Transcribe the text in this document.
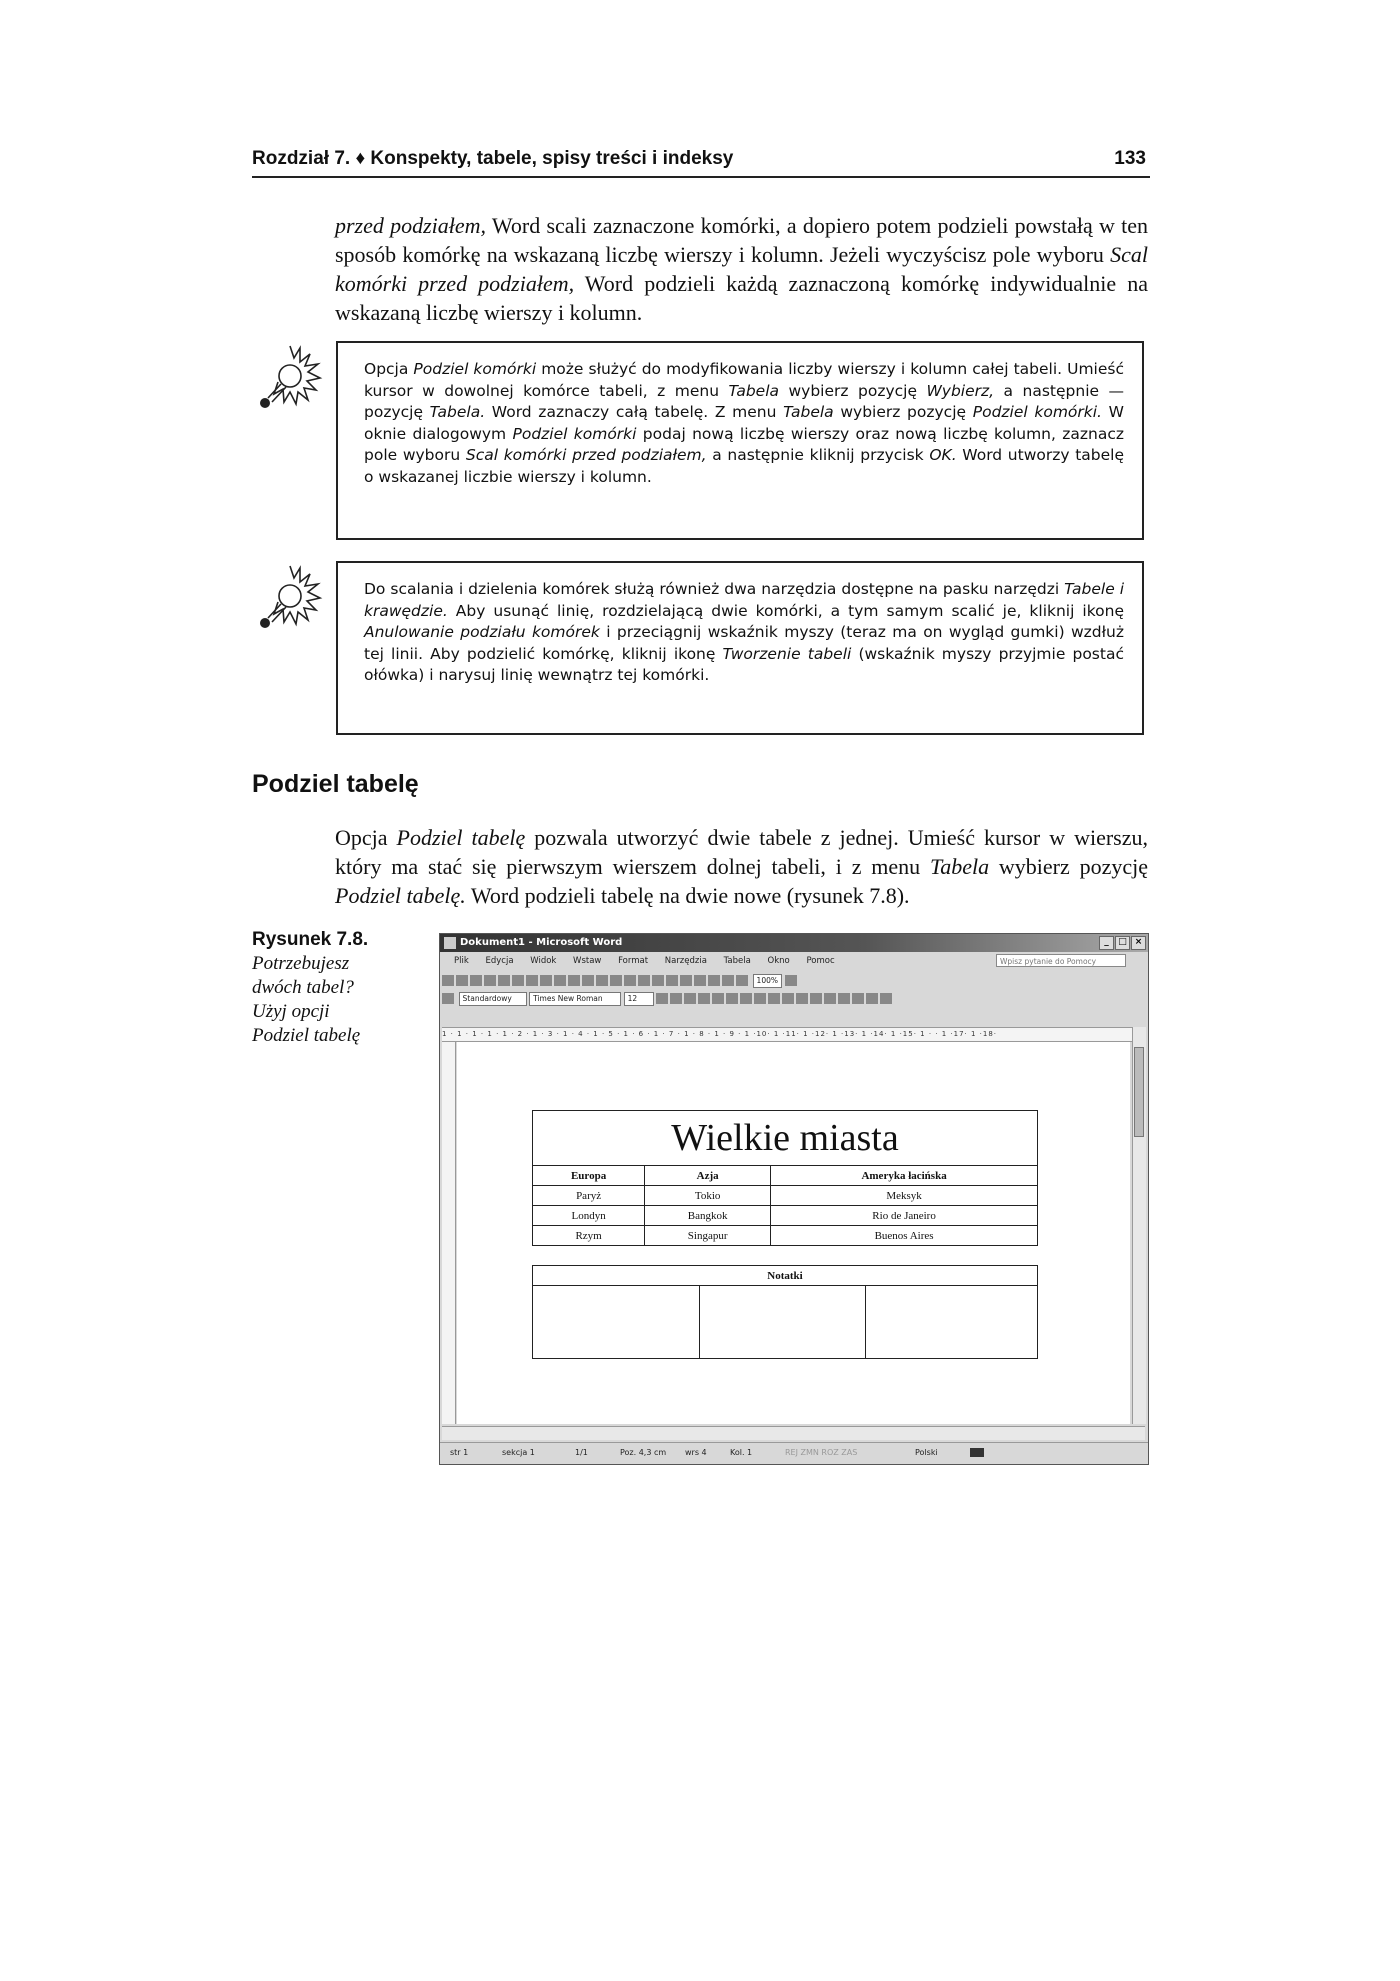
Rozdział 7. ♦ Konspekty, tabele, spisy treści i indeksy	133

przed podziałem, Word scali zaznaczone komórki, a dopiero potem podzieli powstałą w ten sposób komórkę na wskazaną liczbę wierszy i kolumn. Jeżeli wyczyścisz pole wyboru Scal komórki przed podziałem, Word podzieli każdą zaznaczoną komórkę indywidualnie na wskazaną liczbę wierszy i kolumn.

Opcja Podziel komórki może służyć do modyfikowania liczby wierszy i kolumn całej tabeli. Umieść kursor w dowolnej komórce tabeli, z menu Tabela wybierz pozycję Wybierz, a następnie — pozycję Tabela. Word zaznaczy całą tabelę. Z menu Tabela wybierz pozycję Podziel komórki. W oknie dialogowym Podziel komórki podaj nową liczbę wierszy oraz nową liczbę kolumn, zaznacz pole wyboru Scal komórki przed podziałem, a następnie kliknij przycisk OK. Word utworzy tabelę o wskazanej liczbie wierszy i kolumn.

Do scalania i dzielenia komórek służą również dwa narzędzia dostępne na pasku narzędzi Tabele i krawędzie. Aby usunąć linię, rozdzielającą dwie komórki, a tym samym scalić je, kliknij ikonę Anulowanie podziału komórek i przeciągnij wskaźnik myszy (teraz ma on wygląd gumki) wzdłuż tej linii. Aby podzielić komórkę, kliknij ikonę Tworzenie tabeli (wskaźnik myszy przyjmie postać ołówka) i narysuj linię wewnątrz tej komórki.

Podziel tabelę

Opcja Podziel tabelę pozwala utworzyć dwie tabele z jednej. Umieść kursor w wierszu, który ma stać się pierwszym wierszem dolnej tabeli, i z menu Tabela wybierz pozycję Podziel tabelę. Word podzieli tabelę na dwie nowe (rysunek 7.8).

Rysunek 7.8.
Potrzebujesz dwóch tabel? Użyj opcji Podziel tabelę
Dokument1 - Microsoft Word	_	□ ×
Plik Edycja Widok Wstaw Format Narzędzia Tabela Okno Pomoc	Wpisz pytanie do Pomocy
100%
Standardowy	Times New Roman	12
1 · 1 · 1 · 1 · 1 · 2 · 1 · 3 · 1 · 4 · 1 · 5 · 1 · 6 · 1 · 7 · 1 · 8 · 1 · 9 · 1 ·10· 1 ·11· 1 ·12· 1 ·13· 1 ·14· 1 ·15· 1 · · 1 ·17· 1 ·18·
Wielkie miasta		
Europa	Azja	Ameryka łacińska
Paryż	Tokio	Meksyk
Londyn	Bangkok	Rio de Janeiro
Rzym	Singapur	Buenos Aires
Notatki

str 1	sekcja 1	1/1	Poz. 4,3 cm wrs 4	Kol. 1	REJ ZMN ROZ ZAS	Polski
